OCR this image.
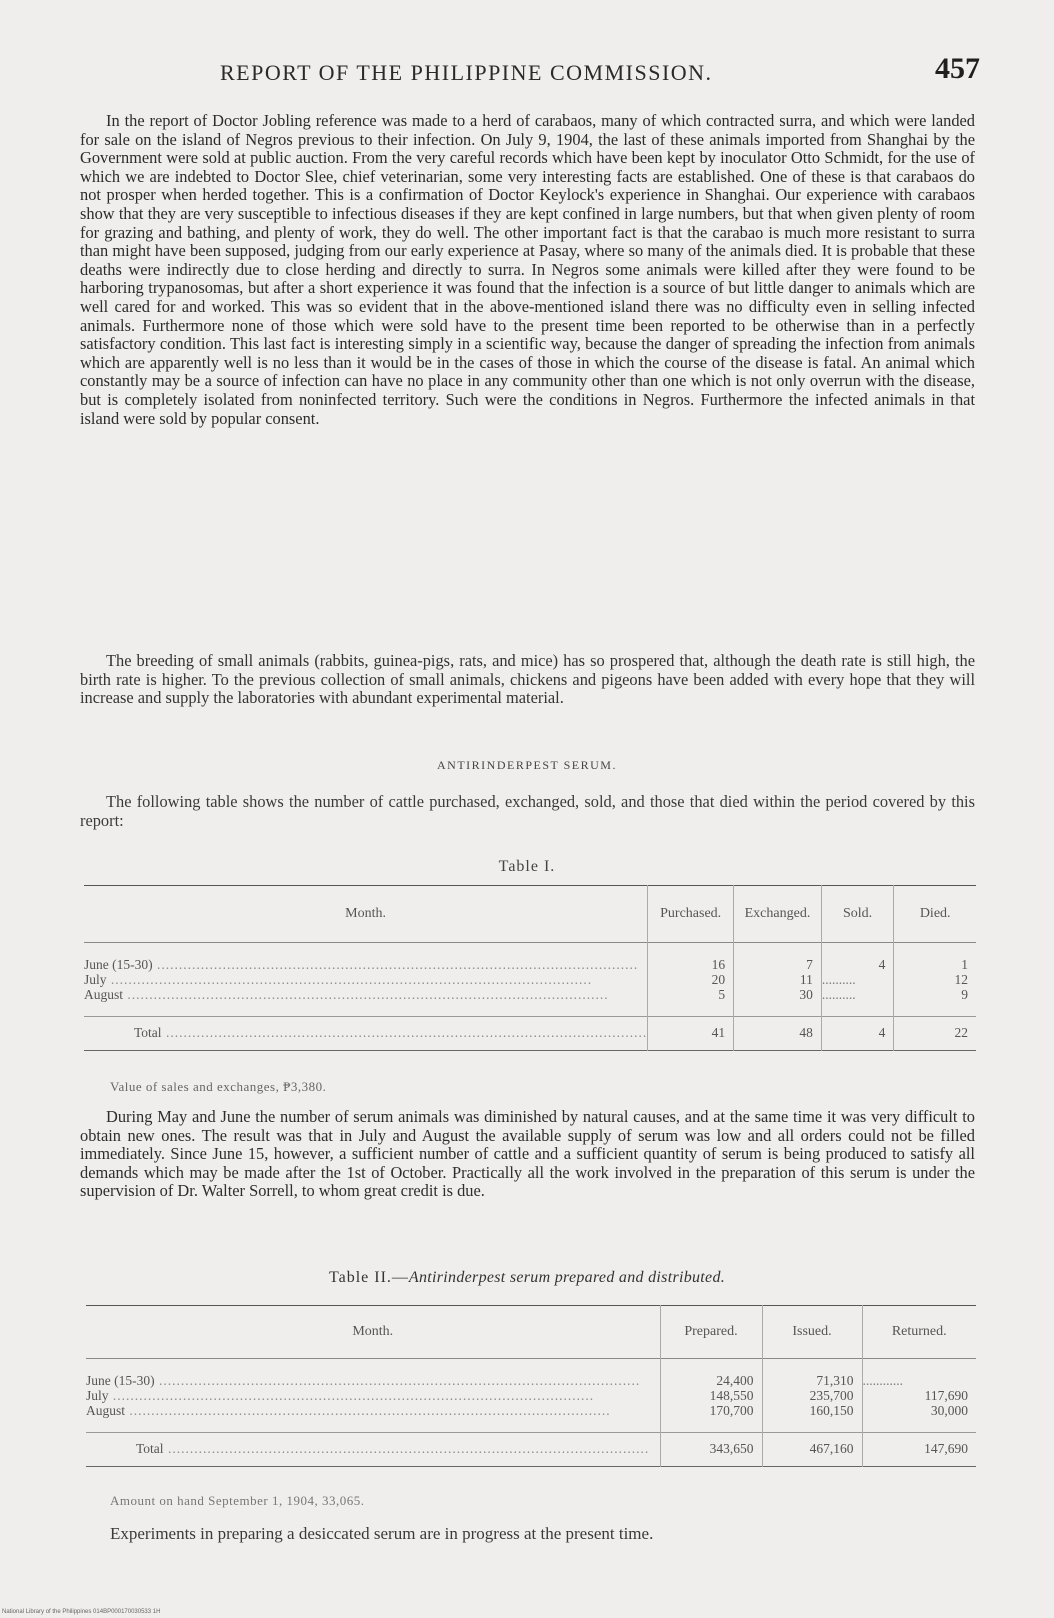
REPORT OF THE PHILIPPINE COMMISSION.	457

In the report of Doctor Jobling reference was made to a herd of carabaos, many of which contracted surra, and which were landed for sale on the island of Negros previous to their infection. On July 9, 1904, the last of these animals imported from Shanghai by the Government were sold at public auction. From the very careful records which have been kept by inoculator Otto Schmidt, for the use of which we are indebted to Doctor Slee, chief veterinarian, some very interesting facts are established. One of these is that carabaos do not prosper when herded together. This is a confirmation of Doctor Keylock's experience in Shanghai. Our experience with carabaos show that they are very susceptible to infectious diseases if they are kept confined in large numbers, but that when given plenty of room for grazing and bathing, and plenty of work, they do well. The other important fact is that the carabao is much more resistant to surra than might have been supposed, judging from our early experience at Pasay, where so many of the animals died. It is probable that these deaths were indirectly due to close herding and directly to surra. In Negros some animals were killed after they were found to be harboring trypanosomas, but after a short experience it was found that the infection is a source of but little danger to animals which are well cared for and worked. This was so evident that in the above-mentioned island there was no difficulty even in selling infected animals. Furthermore none of those which were sold have to the present time been reported to be otherwise than in a perfectly satisfactory condition. This last fact is interesting simply in a scientific way, because the danger of spreading the infection from animals which are apparently well is no less than it would be in the cases of those in which the course of the disease is fatal. An animal which constantly may be a source of infection can have no place in any community other than one which is not only overrun with the disease, but is completely isolated from noninfected territory. Such were the conditions in Negros. Furthermore the infected animals in that island were sold by popular consent.

The breeding of small animals (rabbits, guinea-pigs, rats, and mice) has so prospered that, although the death rate is still high, the birth rate is higher. To the previous collection of small animals, chickens and pigeons have been added with every hope that they will increase and supply the laboratories with abundant experimental material.

ANTIRINDERPEST SERUM.

The following table shows the number of cattle purchased, exchanged, sold, and those that died within the period covered by this report:

Table I.
Month.	Purchased.	Exchanged.	Sold.	Died.

June (15-30) .....	16	7	4	1

July .....	20	11	..........	12

August .....	5	30	..........	9

Total .....	41	48	4	22
Value of sales and exchanges, ₱3,380.

During May and June the number of serum animals was diminished by natural causes, and at the same time it was very difficult to obtain new ones. The result was that in July and August the available supply of serum was low and all orders could not be filled immediately. Since June 15, however, a sufficient number of cattle and a sufficient quantity of serum is being produced to satisfy all demands which may be made after the 1st of October. Practically all the work involved in the preparation of this serum is under the supervision of Dr. Walter Sorrell, to whom great credit is due.

Table II.—Antirinderpest serum prepared and distributed.
Month.	Prepared.	Issued.	Returned.

June (15-30) .....	24,400	71,310	............

July .....	148,550	235,700	117,690

August .....	170,700	160,150	30,000

Total .....	343,650	467,160	147,690
Amount on hand September 1, 1904, 33,065.
Experiments in preparing a desiccated serum are in progress at the present time.
National Library of the Philippines 014BP000170030533 1H
